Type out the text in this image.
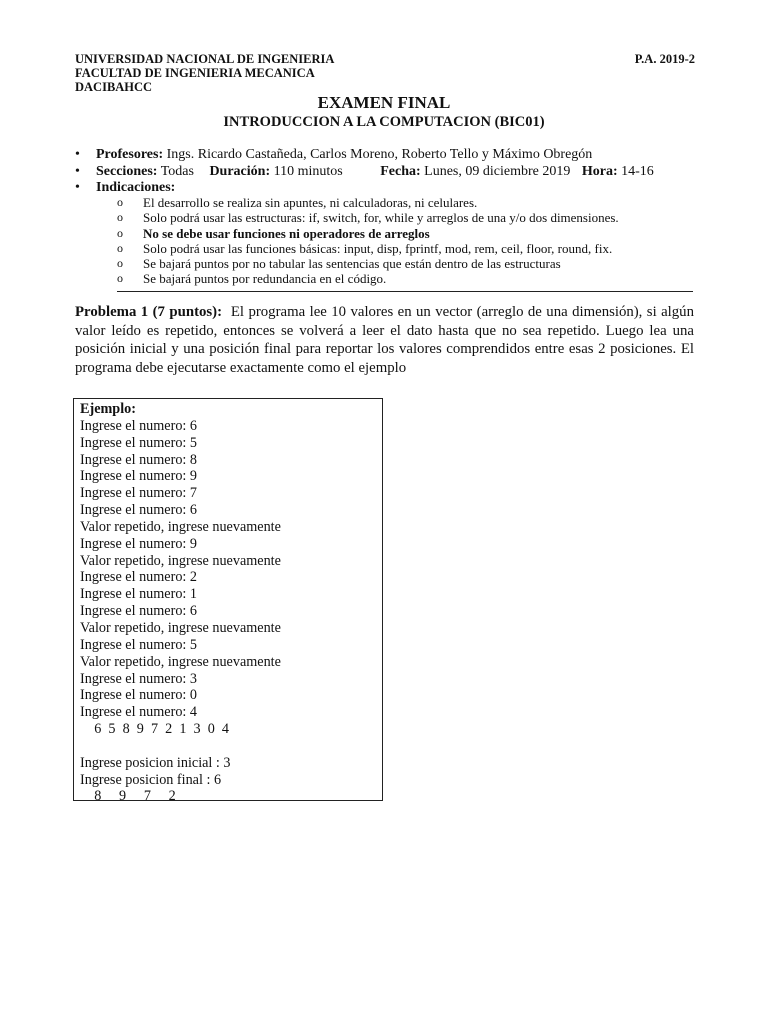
UNIVERSIDAD NACIONAL DE INGENIERIA
FACULTAD DE INGENIERIA MECANICA
DACIBAHCC
P.A. 2019-2
EXAMEN FINAL
INTRODUCCION A LA COMPUTACION (BIC01)
• Profesores: Ings. Ricardo Castañeda, Carlos Moreno, Roberto Tello y Máximo Obregón
• Secciones: Todas Duración: 110 minutos	Fecha: Lunes, 09 diciembre 2019 Hora: 14-16
• Indicaciones:
o El desarrollo se realiza sin apuntes, ni calculadoras, ni celulares.
o Solo podrá usar las estructuras: if, switch, for, while y arreglos de una y/o dos dimensiones.
o No se debe usar funciones ni operadores de arreglos
o Solo podrá usar las funciones básicas: input, disp, fprintf, mod, rem, ceil, floor, round, fix.
o Se bajará puntos por no tabular las sentencias que están dentro de las estructuras
o Se bajará puntos por redundancia en el código.
Problema 1 (7 puntos): El programa lee 10 valores en un vector (arreglo de una dimensión), si algún valor leído es repetido, entonces se volverá a leer el dato hasta que no sea repetido. Luego lea una posición inicial y una posición final para reportar los valores comprendidos entre esas 2 posiciones. El programa debe ejecutarse exactamente como el ejemplo
Ejemplo:
Ingrese el numero: 6
Ingrese el numero: 5
Ingrese el numero: 8
Ingrese el numero: 9
Ingrese el numero: 7
Ingrese el numero: 6
Valor repetido, ingrese nuevamente
Ingrese el numero: 9
Valor repetido, ingrese nuevamente
Ingrese el numero: 2
Ingrese el numero: 1
Ingrese el numero: 6
Valor repetido, ingrese nuevamente
Ingrese el numero: 5
Valor repetido, ingrese nuevamente
Ingrese el numero: 3
Ingrese el numero: 0
Ingrese el numero: 4
6  5  8  9  7  2  1  3  0  4

Ingrese posicion inicial : 3
Ingrese posicion final : 6
8     9     7     2
